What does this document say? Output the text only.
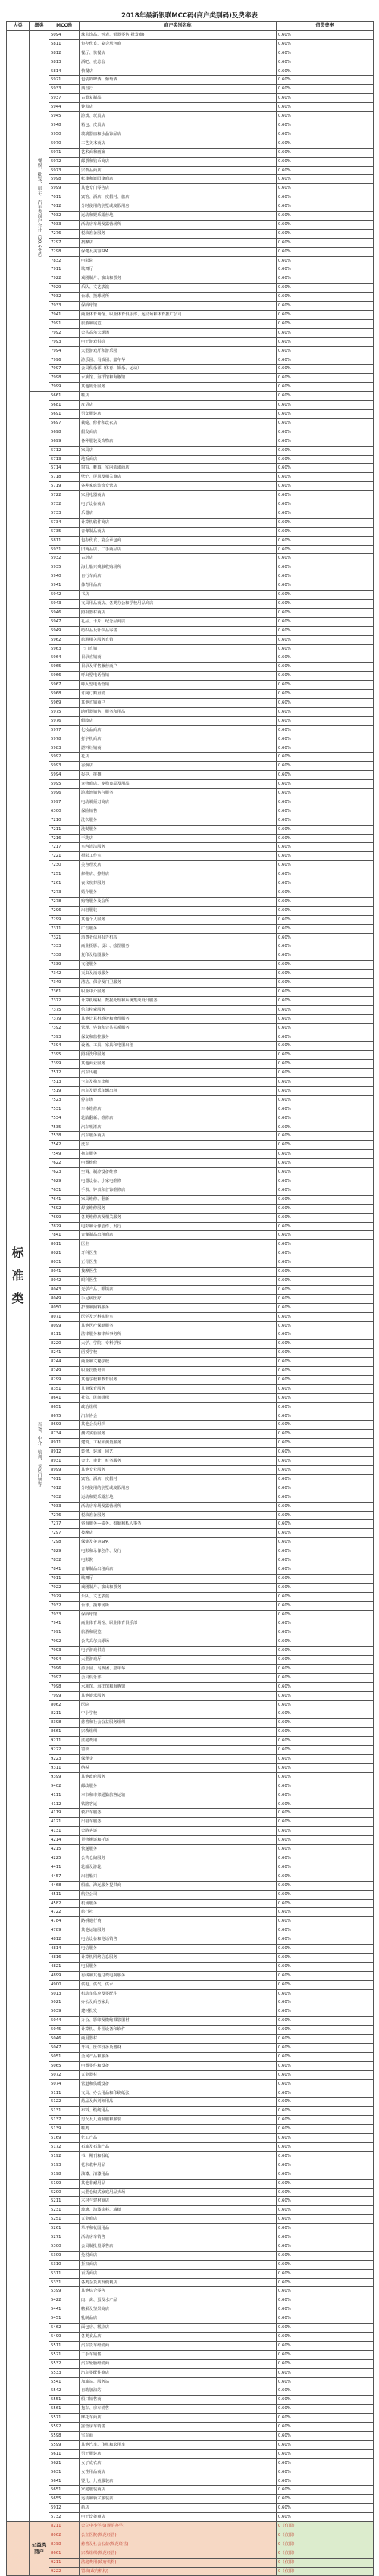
2018年最新银联MCC码(商户类别码)及费率表
大类	细类	MCC码	商户类别名称	借贷费率

标准类	餐娱、批发、房车、汽车类商户合计（20.60%）	5094	珠宝饰品、钟表、银器零售(批发商)	0.60%
		5811	包办伙食、宴会承包商	0.60%
		5812	餐厅、快餐店	0.60%
		5813	酒吧、夜总会	0.60%
		5814	快餐店	0.60%
		5921	包装的啤酒、葡萄酒	0.60%
		5933	典当行	0.60%
		5937	古董复制品	0.60%
		5944	钟表店	0.60%
		5945	游戏、玩具店	0.60%
		5948	箱包、皮具店	0.60%
		5950	玻璃器皿和水晶饰品店	0.60%
		5970	工艺美术商店	0.60%
		5971	艺术商和画廊	0.60%
		5972	邮票和钱币商店	0.60%
		5973	宗教品商店	0.60%
		5998	帐篷和遮阳篷商店	0.60%
		5999	其他专门零售店	0.60%
		7011	宾馆、酒店、度假村、旅店	0.60%
		7012	分时使用的别墅或度假用房	0.60%
		7032	运动和娱乐露营地	0.60%
		7033	活动房车场及露营场所	0.60%
		7276	税款准备服务	0.60%
		7297	按摩店	0.60%
		7298	保健及美容SPA	0.60%
		7832	电影院	0.60%
		7911	歌舞厅	0.60%
		7922	戏剧制片、演出和票务	0.60%
		7929	乐队、文艺表演	0.60%
		7932	台球、撞球场所	0.60%
		7933	保龄球馆	0.60%
		7941	商业体育场馆、职业体育俱乐部、运动场和体育推广公司	0.60%
		7991	旅游和展览	0.60%
		7992	公共高尔夫球场	0.60%
		7993	电子游戏供给	0.60%
		7994	大型游戏厅和游乐园	0.60%
		7996	游乐园、马戏团、嘉年华	0.60%
		7997	会员俱乐部（体育、娱乐、运动）	0.60%
		7998	水族馆、海洋馆和海豚馆	0.60%
		7999	其他娱乐服务	0.60%
	百货、中介、培训、景区门票等	5661	鞋店	0.60%
		5681	皮货店	0.60%
		5691	男女服装店	0.60%
		5697	裁缝、修补和改衣店	0.60%
		5698	假发商店	0.60%
		5699	各种服装及饰物店	0.60%
		5712	家具店	0.60%
		5713	地板商店	0.60%
		5714	窗帘、帷幕、室内装潢商店	0.60%
		5718	壁炉、屏风及相关商店	0.60%
		5719	各种家庭装饰专营店	0.60%
		5722	家用电器商店	0.60%
		5732	电子设备商店	0.60%
		5733	乐器店	0.60%
		5734	计算机软件商店	0.60%
		5735	音像制品商店	0.60%
		5811	包办伙食、宴会承包商	0.60%
		5931	旧商品店、二手商品店	0.60%
		5932	古玩店	0.60%
		5935	海上船只残骸收购场所	0.60%
		5940	自行车商店	0.60%
		5941	体育用品店	0.60%
		5942	书店	0.60%
		5943	文具用品商店、各类办公和学校用品商店	0.60%
		5946	照相器材商店	0.60%
		5947	礼品、卡片、纪念品商店	0.60%
		5949	纺织品及针织品零售	0.60%
		5962	旅游相关服务直销	0.60%
		5963	上门直销	0.60%
		5964	目录直销商	0.60%
		5965	目录及零售兼营商户	0.60%
		5966	呼出型电话营销	0.60%
		5967	呼入型电话营销	0.60%
		5968	订阅订购直销	0.60%
		5969	其他直销商户	0.60%
		5975	助听器销售、服务和用品	0.60%
		5976	假肢店	0.60%
		5977	化妆品商店	0.60%
		5978	打字机商店	0.60%
		5983	燃料经销商	0.60%
		5992	花店	0.60%
		5993	香烟店	0.60%
		5994	报亭、报摊	0.60%
		5995	宠物商店、宠物食品及用品	0.60%
		5996	游泳池销售与服务	0.60%
		5997	电动剃须刀商店	0.60%
		6300	保险销售	0.60%
		7210	洗衣服务	0.60%
		7211	洗熨服务	0.60%
		7216	干洗店	0.60%
		7217	室内清洁服务	0.60%
		7221	摄影工作室	0.60%
		7230	美容理发店	0.60%
		7251	修鞋店、擦鞋店	0.60%
		7261	丧仪殡葬服务	0.60%
		7273	婚介服务	0.60%
		7278	购物服务及会所	0.60%
		7296	出租服装	0.60%
		7299	其他个人服务	0.60%
		7311	广告服务	0.60%
		7321	消费者信用报告机构	0.60%
		7333	商业摄影、设计、绘图服务	0.60%
		7338	复印及绘图服务	0.60%
		7339	文秘服务	0.60%
		7342	灭虫及消毒服务	0.60%
		7349	清洁、保养及门卫服务	0.60%
		7361	职业中介服务	0.60%
		7372	计算机编程、数据处理和系统集成设计服务	0.60%
		7375	信息检索服务	0.60%
		7379	其他计算机维护和修理服务	0.60%
		7392	管理、咨询和公共关系服务	0.60%
		7393	保安和监控服务	0.60%
		7394	设备、工具、家具和电器出租	0.60%
		7395	照相洗印服务	0.60%
		7399	其他商业服务	0.60%
		7512	汽车出租	0.60%
		7513	卡车及拖车出租	0.60%
		7519	房车及娱乐车辆出租	0.60%
		7523	停车场	0.60%
		7531	车体维修店	0.60%
		7534	轮胎翻新、维修店	0.60%
		7535	汽车喷漆店	0.60%
		7538	汽车服务商店	0.60%
		7542	洗车	0.60%
		7549	拖车服务	0.60%
		7622	电器维修	0.60%
		7623	空调、制冷设备维修	0.60%
		7629	电器设备、小家电维修	0.60%
		7631	手表、钟表和首饰维修店	0.60%
		7641	家具维修、翻新	0.60%
		7692	焊接维修服务	0.60%
		7699	各类维修店及相关服务	0.60%
		7829	电影和录像创作、发行	0.60%
		7841	音像制品出租商店	0.60%
		8011	医生	0.60%
		8021	牙科医生	0.60%
		8031	正骨医生	0.60%
		8041	按摩医生	0.60%
		8042	眼科医生	0.60%
		8043	光学产品、眼镜店	0.60%
		8049	手足病医疗	0.60%
		8050	护理和照料服务	0.60%
		8071	医学及牙科实验室	0.60%
		8099	其他医疗保健服务	0.60%
		8111	法律服务和律师事务所	0.60%
		8220	大学、学院、专科学校	0.60%
		8241	函授学校	0.60%
		8244	商业和文秘学校	0.60%
		8249	职业技能培训	0.60%
		8299	其他学校和教育服务	0.60%
		8351	儿童保育服务	0.60%
		8641	社会、民间组织	0.60%
		8651	政治组织	0.60%
		8675	汽车协会	0.60%
		8699	其他会员组织	0.60%
		8734	测试实验服务	0.60%
		8911	建筑、工程和测量服务	0.60%
		8912	装修、装潢、园艺	0.60%
		8931	会计、审计、财务服务	0.60%
		8999	其他专业服务	0.60%
		7011	宾馆、酒店、度假村	0.60%
		7012	分时使用的别墅或度假用房	0.60%
		7032	运动和娱乐露营地	0.60%
		7033	活动房车场及露营场所	0.60%
		7276	税款准备服务	0.60%
		7277	咨询服务—债务、婚姻和私人事务	0.60%
		7297	按摩店	0.60%
		7298	保健及美容SPA	0.60%
		7829	电影和录像创作、发行	0.60%
		7832	电影院	0.60%
		7841	音像制品出租商店	0.60%
		7911	歌舞厅	0.60%
		7922	戏剧制片、演出和票务	0.60%
		7929	乐队、文艺表演	0.60%
		7932	台球、撞球场所	0.60%
		7933	保龄球馆	0.60%
		7941	商业体育场馆、职业体育俱乐部	0.60%
		7991	旅游和展览	0.60%
		7992	公共高尔夫球场	0.60%
		7993	电子游戏供给	0.60%
		7994	大型游戏厅	0.60%
		7996	游乐园、马戏团、嘉年华	0.60%
		7997	会员俱乐部	0.60%
		7998	水族馆、海洋馆和海豚馆	0.60%
		7999	其他娱乐服务	0.60%
		8062	医院	0.60%
		8211	中小学校	0.60%
		8398	慈善和社会公益服务组织	0.60%
		8661	宗教组织	0.60%
		9211	法庭费用	0.60%
		9222	罚款	0.60%
		9223	保释金	0.60%
		9311	纳税	0.60%
		9399	其他政府服务	0.60%
		9402	邮政服务	0.60%
		4111	本市和市郊通勤旅客运输	0.60%
		4112	铁路客运	0.60%
		4119	救护车服务	0.60%
		4121	出租车服务	0.60%
		4131	公路客运	0.60%
		4214	货物搬运和托运	0.60%
		4215	快递服务	0.60%
		4225	公共仓储服务	0.60%
		4411	轮船及游轮	0.60%
		4457	出租船只	0.60%
		4468	船舶、海运服务提供商	0.60%
		4511	航空公司	0.60%
		4582	机场服务	0.60%
		4722	旅行社	0.60%
		4784	路桥通行费	0.60%
		4789	其他运输服务	0.60%
		4812	电信设备和电话销售	0.60%
		4814	电信服务	0.60%
		4816	计算机网络信息服务	0.60%
		4821	电报服务	0.60%
		4899	有线和其他付费电视服务	0.60%
		4900	供电、供气、供水	0.60%
		5013	机动车供应及零配件	0.60%
		5021	办公及商务家具	0.60%
		5039	建材批发	0.60%
		5044	办公、影印及微缩摄影器材	0.60%
		5045	计算机、外围设备和软件	0.60%
		5046	商用器材	0.60%
		5047	牙科、医学设备及器材	0.60%
		5051	金属产品和服务	0.60%
		5065	电器零件和设备	0.60%
		5072	五金器材	0.60%
		5074	管道和供暖设备	0.60%
		5111	文具、办公用品和印刷纸张	0.60%
		5122	药品及药剂师用品	0.60%
		5131	布料、缝纫用品	0.60%
		5137	男女及儿童制服和服装	0.60%
		5139	鞋类	0.60%
		5169	化工产品	0.60%
		5172	石油及石油产品	0.60%
		5192	书、期刊和报纸	0.60%
		5193	花木栽种用品	0.60%
		5198	油漆、清漆用品	0.60%
		5199	其他非耐用品	0.60%
		5200	大型仓储式家庭用品卖场	0.60%
		5211	木材与建材商店	0.60%
		5231	玻璃、油漆涂料、墙纸	0.60%
		5251	五金商店	0.60%
		5261	草坪和花园用品	0.60%
		5271	活动房车销售	0.60%
		5300	会员制批量零售店	0.60%
		5309	免税商店	0.60%
		5310	折扣商店	0.60%
		5311	百货商店	0.60%
		5331	各类杂货店及便利店	0.60%
		5399	其他综合零售	0.60%
		5422	肉、禽、蛋及水产品	0.60%
		5441	糖果及坚果商店	0.60%
		5451	乳制品店	0.60%
		5462	面包房、糕点店	0.60%
		5499	各类食品店	0.60%
		5511	汽车货车经销商	0.60%
		5521	二手车销售	0.60%
		5532	汽车轮胎经销商	0.60%
		5533	汽车零配件商店	0.60%
		5541	加油站、服务站	0.60%
		5542	自助加油站	0.60%
		5551	船只销售商	0.60%
		5561	拖车、房车销售	0.60%
		5571	摩托车商店	0.60%
		5592	露营房车销售	0.60%
		5598	雪车商	0.60%
		5599	其他汽车、飞机和农用车	0.60%
		5611	男子服装店	0.60%
		5621	女子成衣店	0.60%
		5631	女性用品商店	0.60%
		5641	婴儿、儿童服装店	0.60%
		5651	家庭服装商店	0.60%
		5655	运动和骑术服装店	0.60%
		5912	药店	0.60%
		5732	电子设备商店	0.60%

	公益类商户	8211	公立中小学校(规范办学)	0（仅限）
		8062	公立医院(规范经营)	0（仅限）
		8398	慈善及社会公益(规范经营)	0（仅限）
		8661	宗教组织(规范经营)	0（仅限）
		9211	法庭费用(政府机构)	0（仅限）
		9222	罚款(政府机构)	0（仅限）
